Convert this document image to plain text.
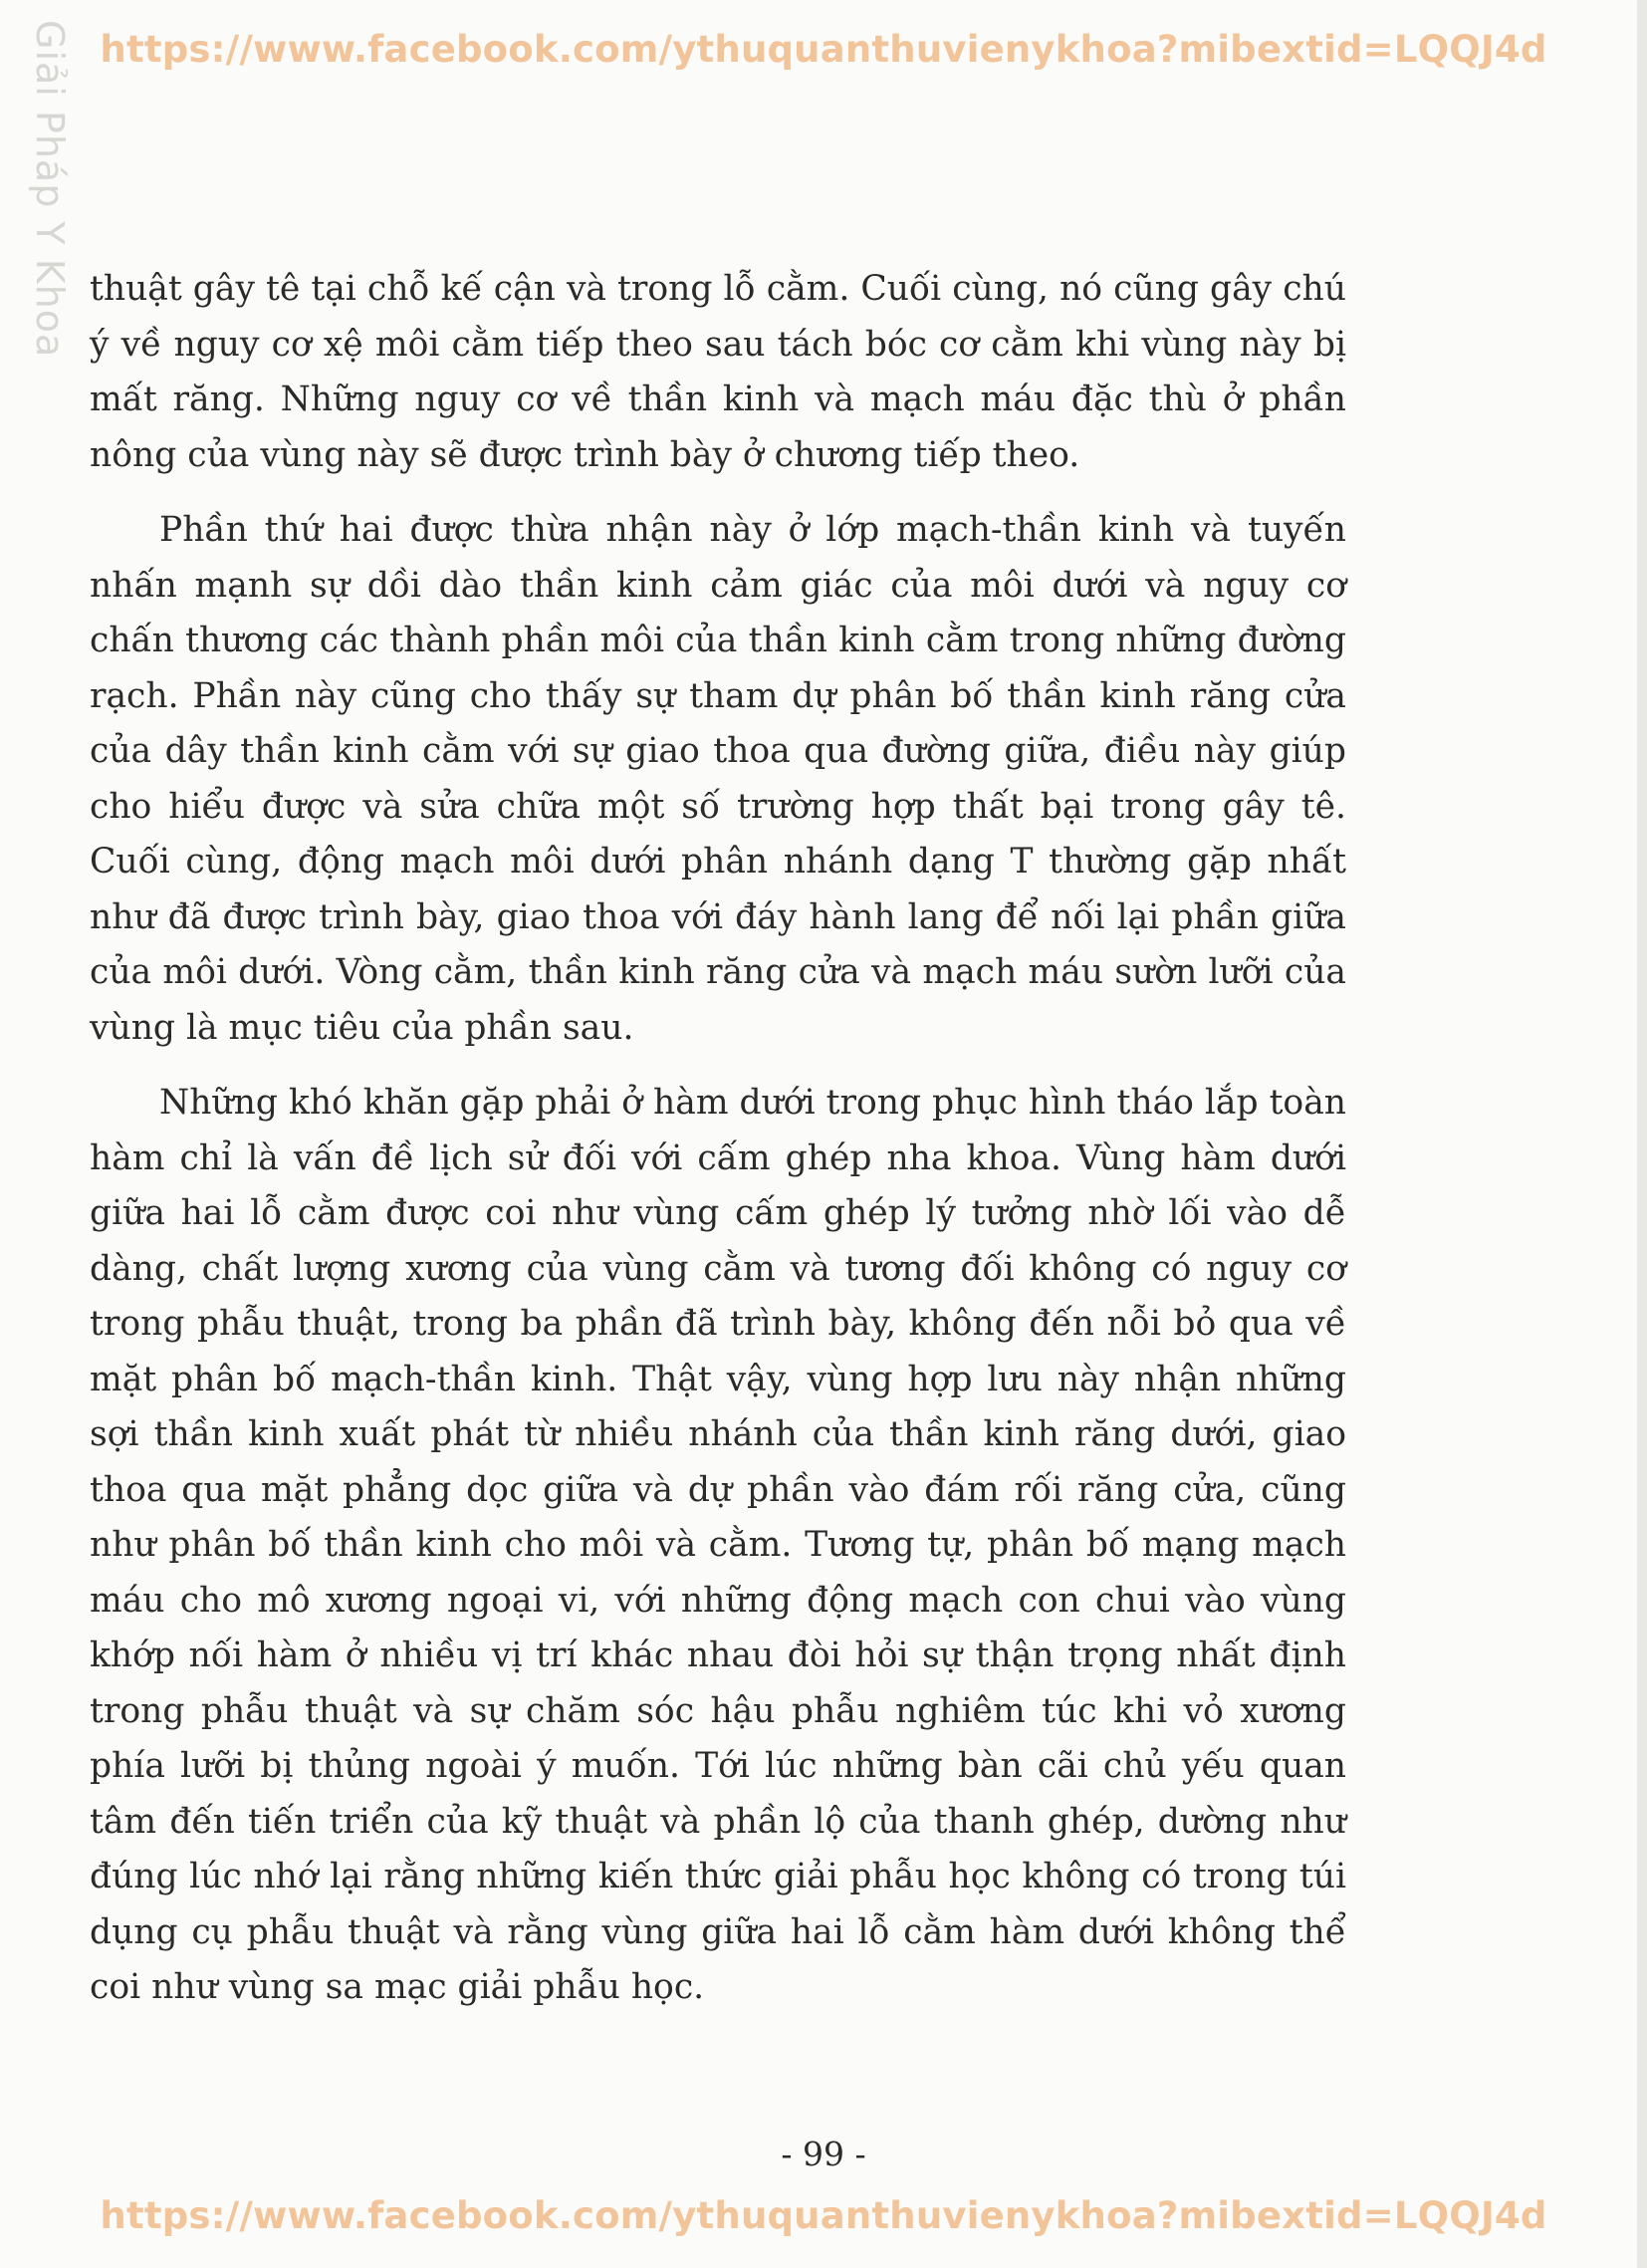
Giải Pháp Y Khoa https://www.facebook.com/ythuquanthuvienykhoa?mibextid=LQQJ4d

thuật gây tê tại chỗ kế cận và trong lỗ cằm. Cuối cùng, nó cũng gây chú ý về nguy cơ xệ môi cằm tiếp theo sau tách bóc cơ cằm khi vùng này bị mất răng. Những nguy cơ về thần kinh và mạch máu đặc thù ở phần nông của vùng này sẽ được trình bày ở chương tiếp theo.

Phần thứ hai được thừa nhận này ở lớp mạch-thần kinh và tuyến nhấn mạnh sự dồi dào thần kinh cảm giác của môi dưới và nguy cơ chấn thương các thành phần môi của thần kinh cằm trong những đường rạch. Phần này cũng cho thấy sự tham dự phân bố thần kinh răng cửa của dây thần kinh cằm với sự giao thoa qua đường giữa, điều này giúp cho hiểu được và sửa chữa một số trường hợp thất bại trong gây tê. Cuối cùng, động mạch môi dưới phân nhánh dạng T thường gặp nhất như đã được trình bày, giao thoa với đáy hành lang để nối lại phần giữa của môi dưới. Vòng cằm, thần kinh răng cửa và mạch máu sườn lưỡi của vùng là mục tiêu của phần sau.

Những khó khăn gặp phải ở hàm dưới trong phục hình tháo lắp toàn hàm chỉ là vấn đề lịch sử đối với cấm ghép nha khoa. Vùng hàm dưới giữa hai lỗ cằm được coi như vùng cấm ghép lý tưởng nhờ lối vào dễ dàng, chất lượng xương của vùng cằm và tương đối không có nguy cơ trong phẫu thuật, trong ba phần đã trình bày, không đến nỗi bỏ qua về mặt phân bố mạch-thần kinh. Thật vậy, vùng hợp lưu này nhận những sợi thần kinh xuất phát từ nhiều nhánh của thần kinh răng dưới, giao thoa qua mặt phẳng dọc giữa và dự phần vào đám rối răng cửa, cũng như phân bố thần kinh cho môi và cằm. Tương tự, phân bố mạng mạch máu cho mô xương ngoại vi, với những động mạch con chui vào vùng khớp nối hàm ở nhiều vị trí khác nhau đòi hỏi sự thận trọng nhất định trong phẫu thuật và sự chăm sóc hậu phẫu nghiêm túc khi vỏ xương phía lưỡi bị thủng ngoài ý muốn. Tới lúc những bàn cãi chủ yếu quan tâm đến tiến triển của kỹ thuật và phần lộ của thanh ghép, dường như đúng lúc nhớ lại rằng những kiến thức giải phẫu học không có trong túi dụng cụ phẫu thuật và rằng vùng giữa hai lỗ cằm hàm dưới không thể coi như vùng sa mạc giải phẫu học.

- 99 -
https://www.facebook.com/ythuquanthuvienykhoa?mibextid=LQQJ4d
